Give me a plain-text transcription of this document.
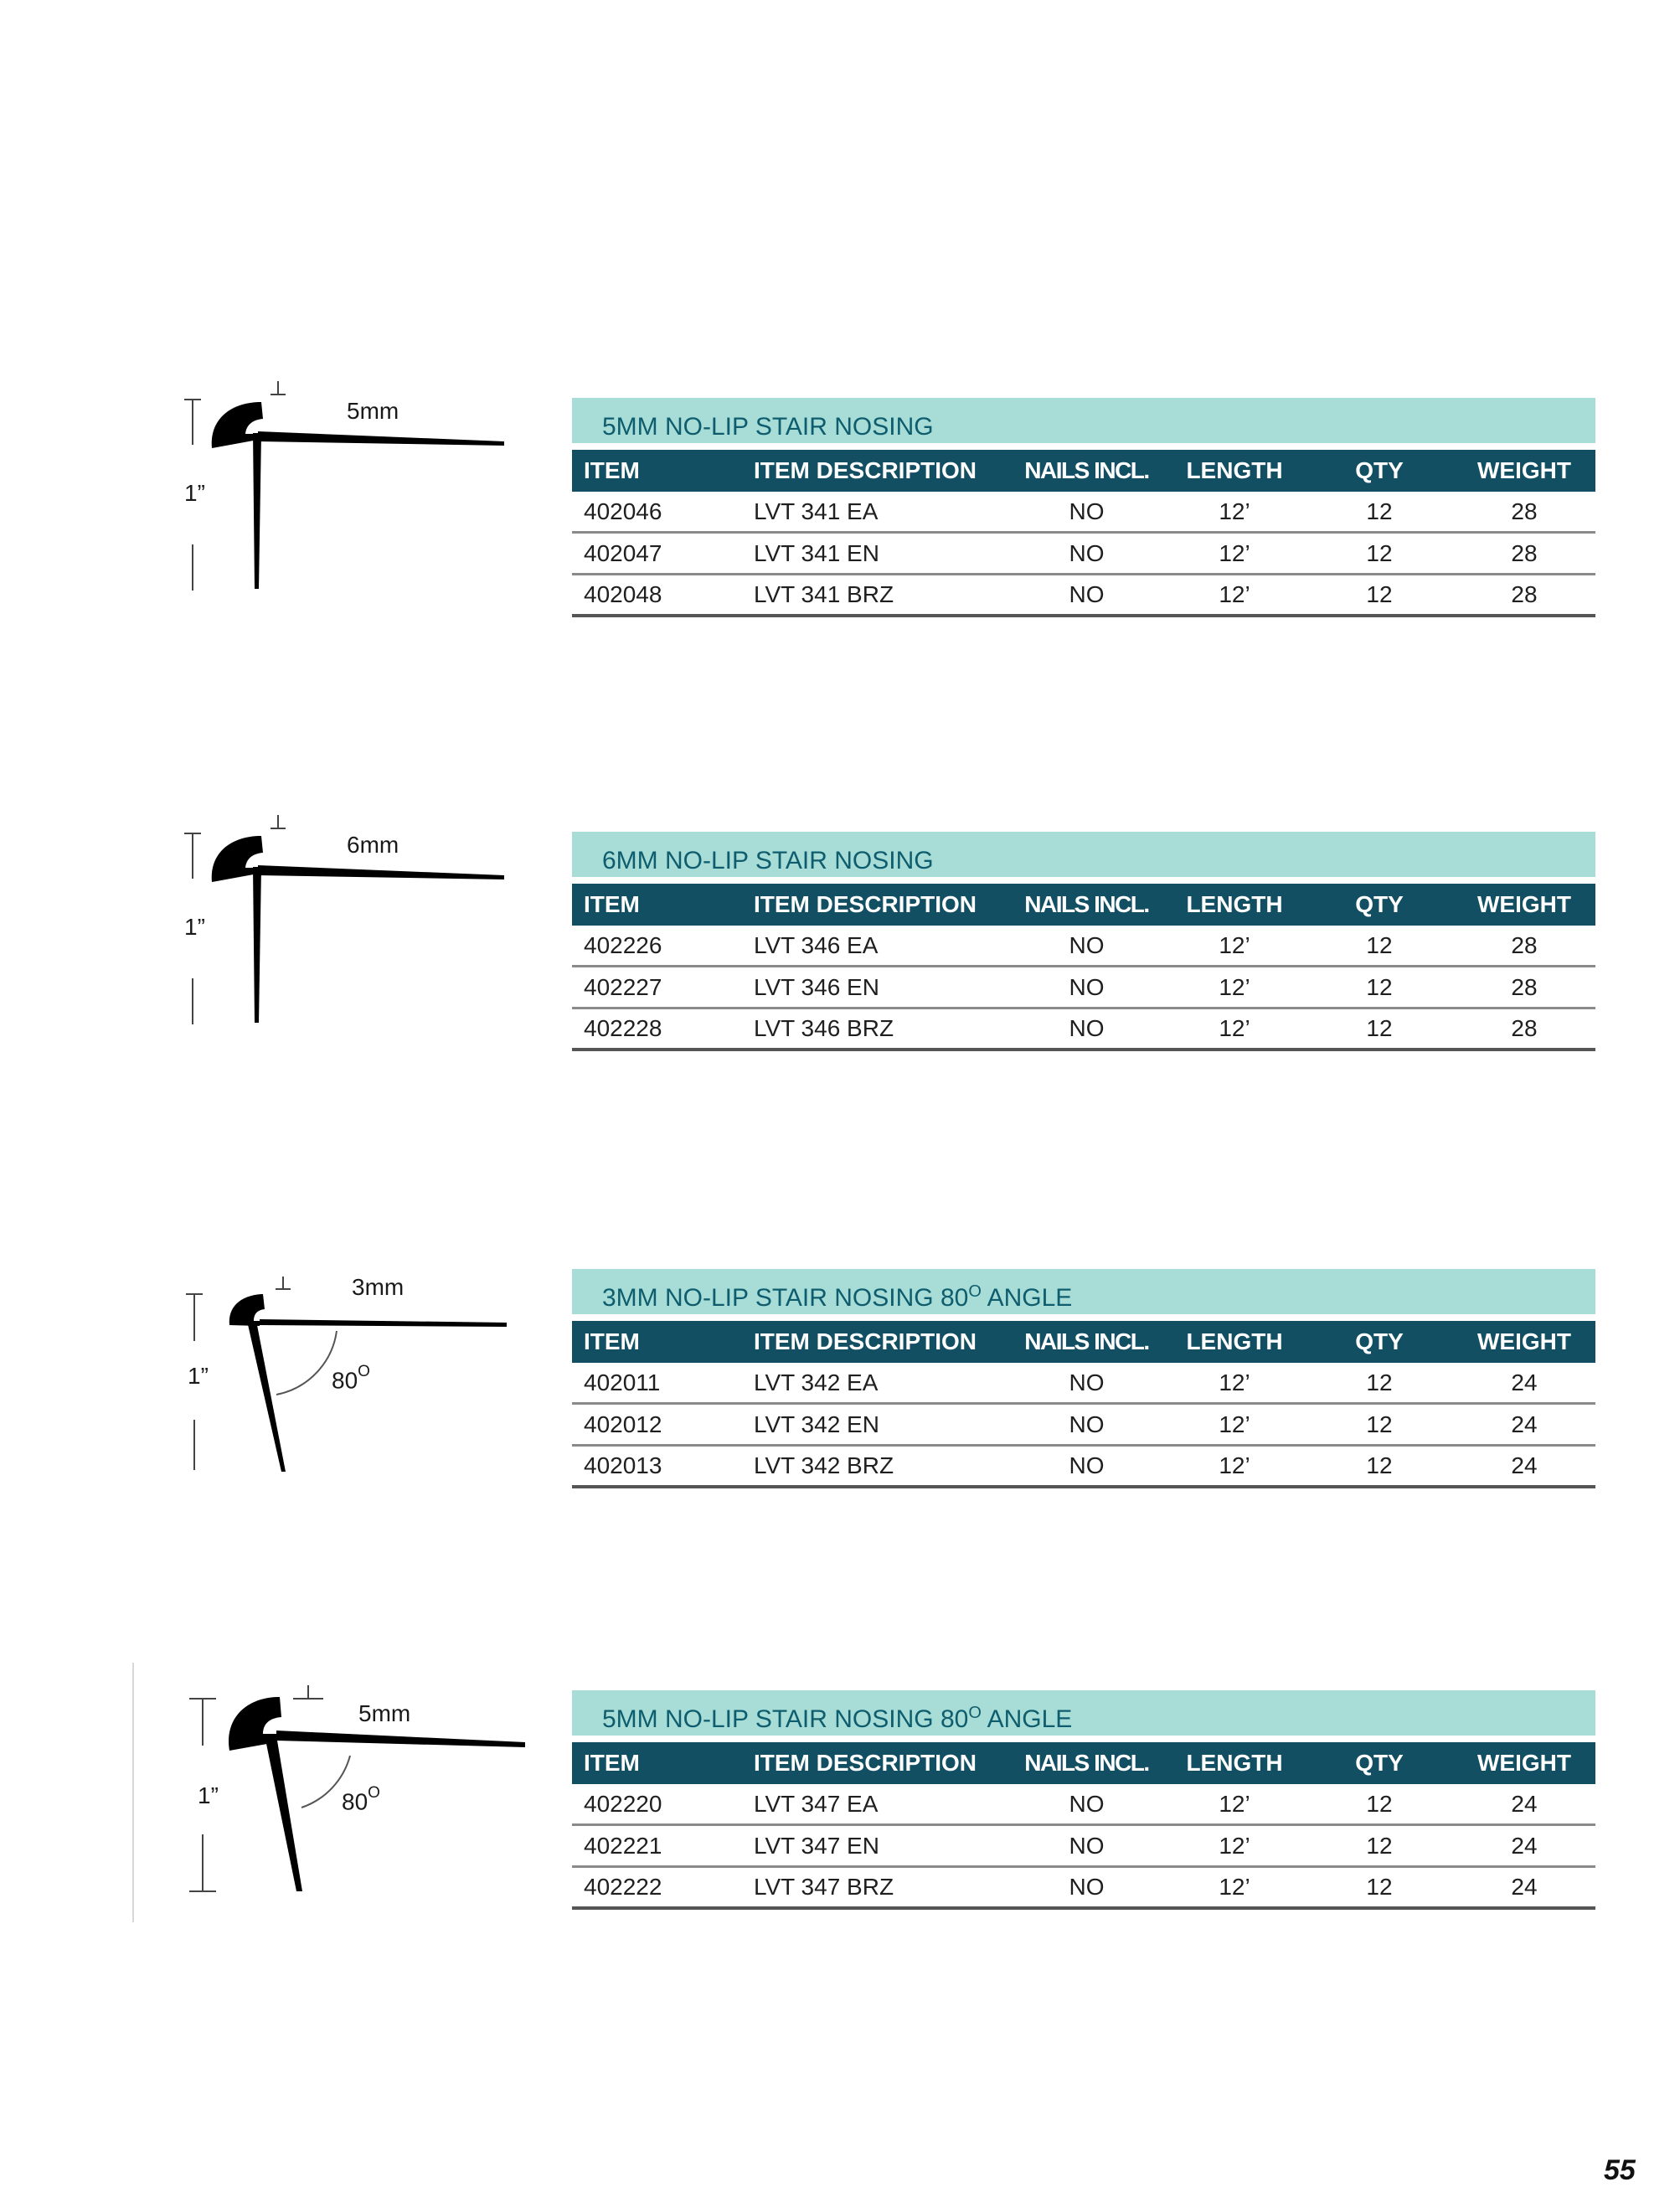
5mm
1”
5MM NO-LIP STAIR NOSING
ITEM	ITEM DESCRIPTION	NAILS INCL.	LENGTH	QTY	WEIGHT
402046	LVT 341 EA	NO	12’	12	28
402047	LVT 341 EN	NO	12’	12	28
402048	LVT 341 BRZ	NO	12’	12	28
6mm
1”
6MM NO-LIP STAIR NOSING
ITEM	ITEM DESCRIPTION	NAILS INCL.	LENGTH	QTY	WEIGHT
402226	LVT 346 EA	NO	12’	12	28
402227	LVT 346 EN	NO	12’	12	28
402228	LVT 346 BRZ	NO	12’	12	28
3mm
1”	$80^O$
3MM NO-LIP STAIR NOSING $80^O$ ANGLE
ITEM	ITEM DESCRIPTION	NAILS INCL.	LENGTH	QTY	WEIGHT
402011	LVT 342 EA	NO	12’	12	24
402012	LVT 342 EN	NO	12’	12	24
402013	LVT 342 BRZ	NO	12’	12	24
5mm
1”	$80^O$
5MM NO-LIP STAIR NOSING $80^O$ ANGLE
ITEM	ITEM DESCRIPTION	NAILS INCL.	LENGTH	QTY	WEIGHT
402220	LVT 347 EA	NO	12’	12	24
402221	LVT 347 EN	NO	12’	12	24
402222	LVT 347 BRZ	NO	12’	12	24
55
